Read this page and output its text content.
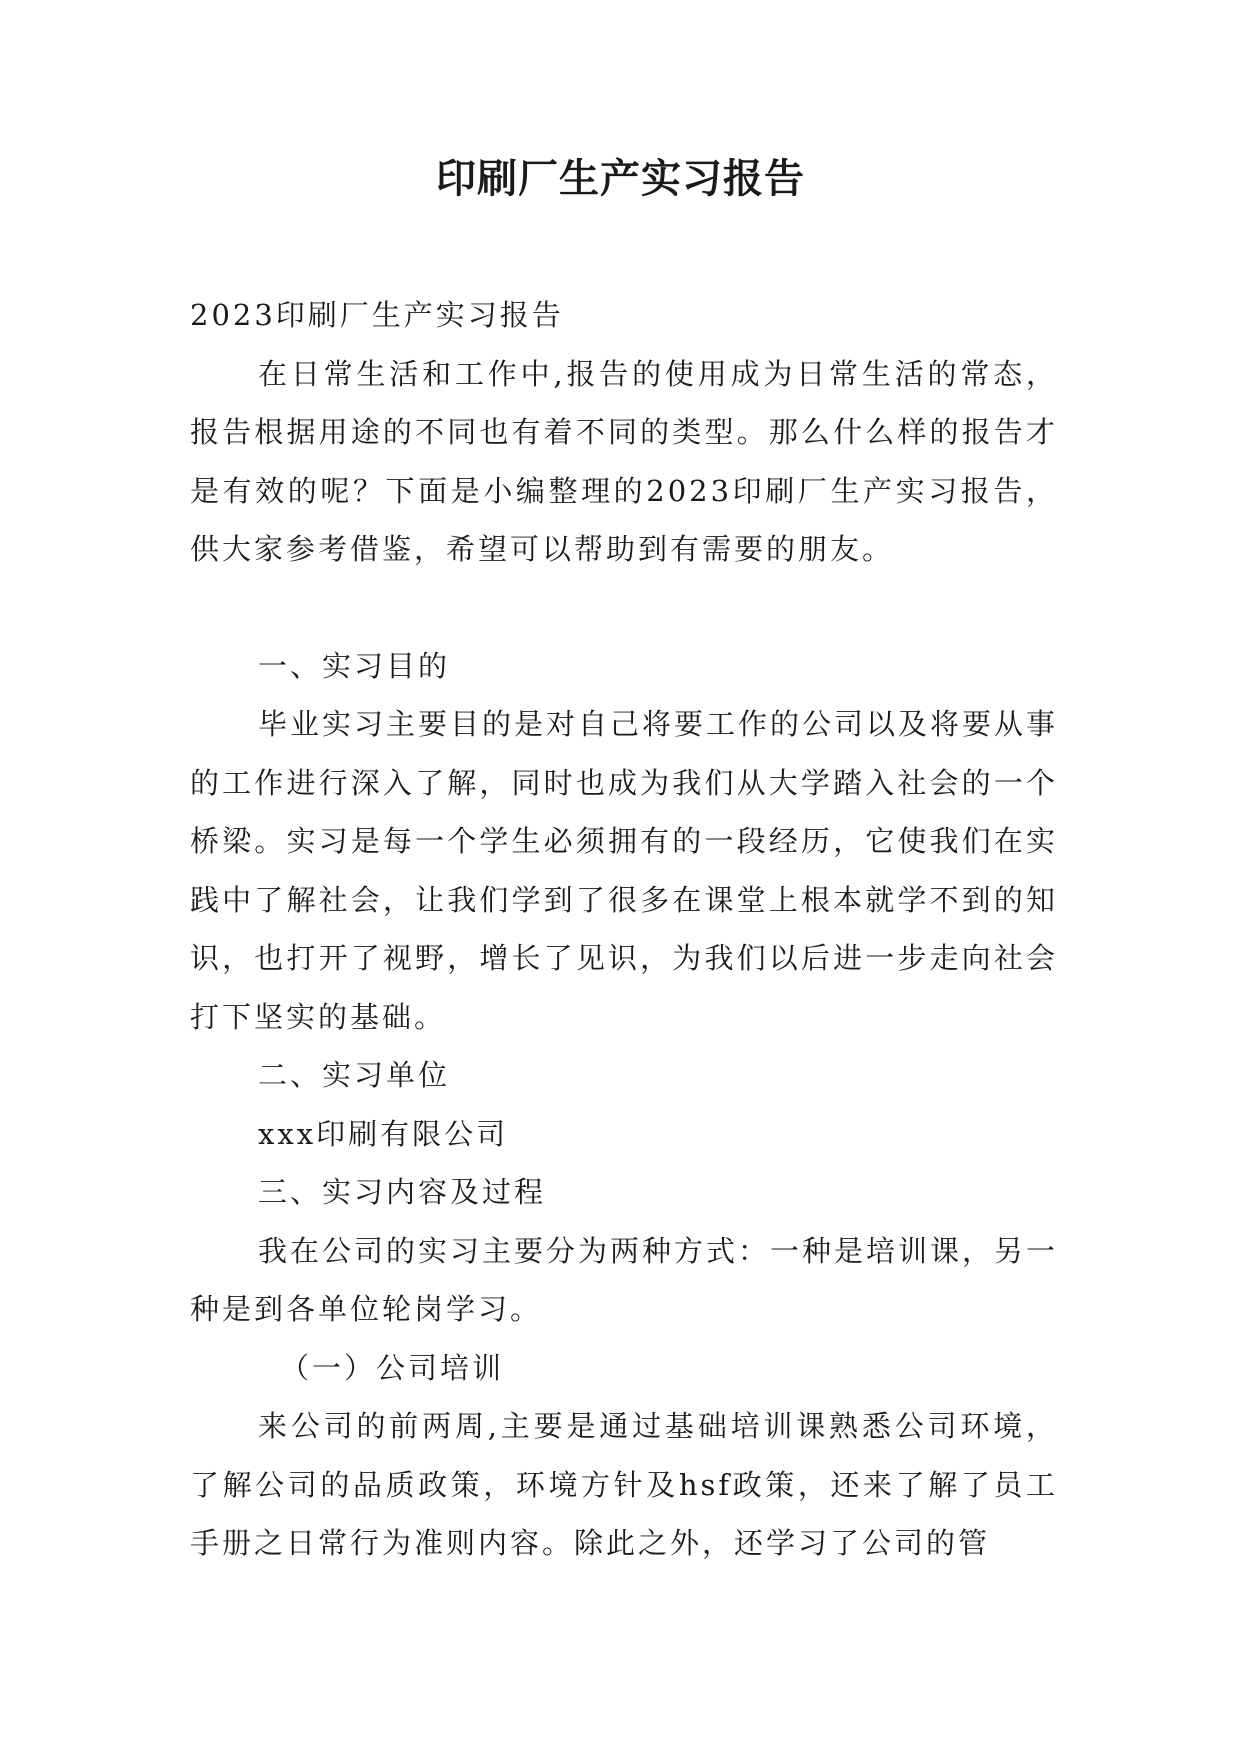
印刷厂生产实习报告

2023印刷厂生产实习报告

在日常生活和工作中,报告的使用成为日常生活的常态，报告根据用途的不同也有着不同的类型。那么什么样的报告才是有效的呢？下面是小编整理的2023印刷厂生产实习报告，供大家参考借鉴，希望可以帮助到有需要的朋友。

一、实习目的

毕业实习主要目的是对自己将要工作的公司以及将要从事的工作进行深入了解，同时也成为我们从大学踏入社会的一个桥梁。实习是每一个学生必须拥有的一段经历，它使我们在实践中了解社会，让我们学到了很多在课堂上根本就学不到的知识，也打开了视野，增长了见识，为我们以后进一步走向社会打下坚实的基础。

二、实习单位

xxx印刷有限公司

三、实习内容及过程

我在公司的实习主要分为两种方式：一种是培训课，另一种是到各单位轮岗学习。

（一）公司培训

来公司的前两周,主要是通过基础培训课熟悉公司环境，了解公司的品质政策，环境方针及hsf政策，还来了解了员工手册之日常行为准则内容。除此之外，还学习了公司的管
